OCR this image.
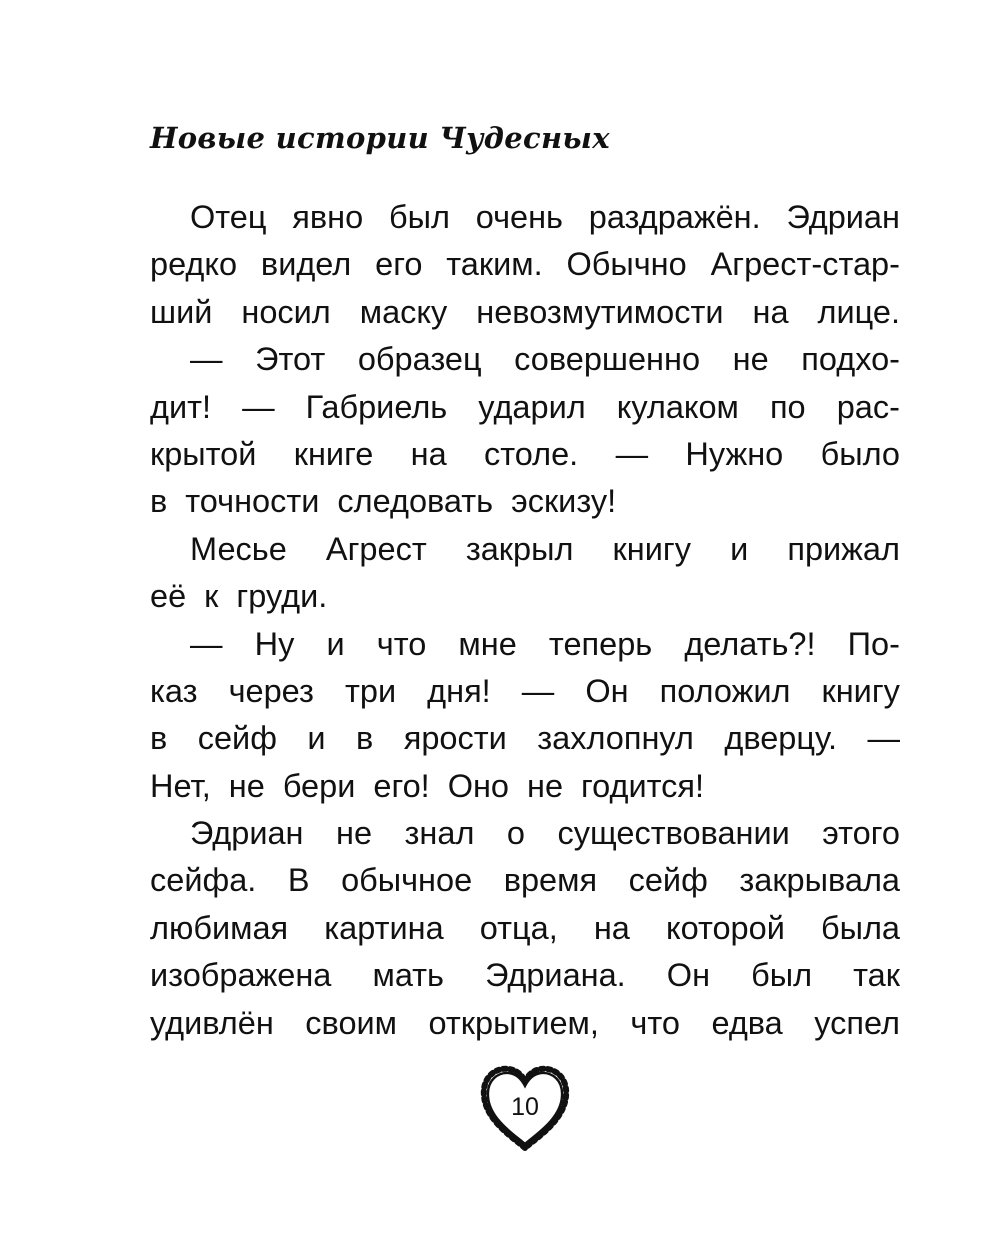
Новые истории Чудесных
Отец явно был очень раздражён. Эдриан
редко видел его таким. Обычно Агрест-стар-
ший носил маску невозмутимости на лице.
— Этот образец совершенно не подхо-
дит! — Габриель ударил кулаком по рас-
крытой книге на столе. — Нужно было
в точности следовать эскизу!
Месье Агрест закрыл книгу и прижал
её к груди.
— Ну и что мне теперь делать?! По-
каз через три дня! — Он положил книгу
в сейф и в ярости захлопнул дверцу. —
Нет, не бери его! Оно не годится!
Эдриан не знал о существовании этого
сейфа. В обычное время сейф закрывала
любимая картина отца, на которой была
изображена мать Эдриана. Он был так
удивлён своим открытием, что едва успел
10
